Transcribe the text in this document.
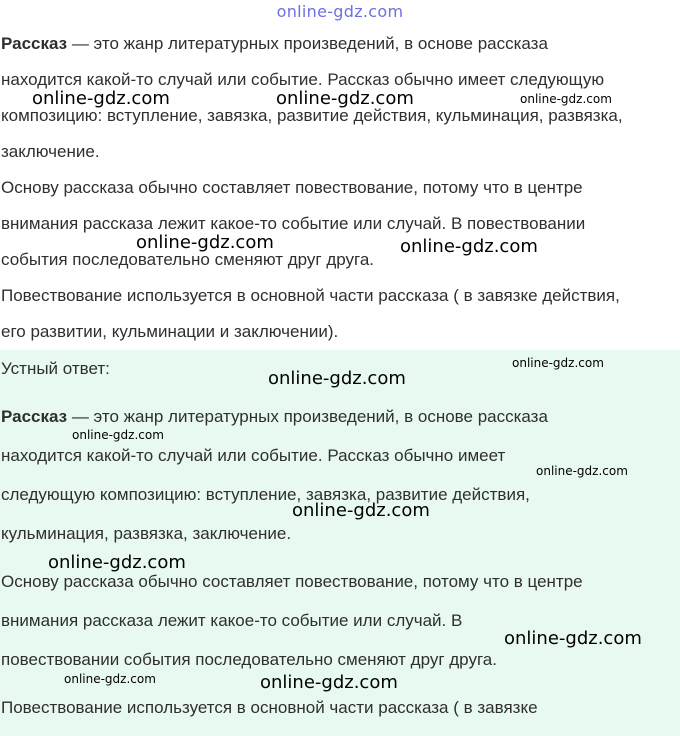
online-gdz.com
Рассказ — это жанр литературных произведений, в основе рассказа
находится какой-то случай или событие. Рассказ обычно имеет следующую
композицию: вступление, завязка, развитие действия, кульминация, развязка,
заключение.
Основу рассказа обычно составляет повествование, потому что в центре
внимания рассказа лежит какое-то событие или случай. В повествовании
события последовательно сменяют друг друга.
Повествование используется в основной части рассказа ( в завязке действия,
его развитии, кульминации и заключении).
Устный ответ:
Рассказ — это жанр литературных произведений, в основе рассказа
находится какой-то случай или событие. Рассказ обычно имеет
следующую композицию: вступление, завязка, развитие действия,
кульминация, развязка, заключение.
Основу рассказа обычно составляет повествование, потому что в центре
внимания рассказа лежит какое-то событие или случай. В
повествовании события последовательно сменяют друг друга.
Повествование используется в основной части рассказа ( в завязке
online-gdz.com	online-gdz.com	online-gdz.com
online-gdz.com	online-gdz.com
online-gdz.com
online-gdz.com
online-gdz.com
online-gdz.com
online-gdz.com
online-gdz.com
online-gdz.com
online-gdz.com	online-gdz.com
